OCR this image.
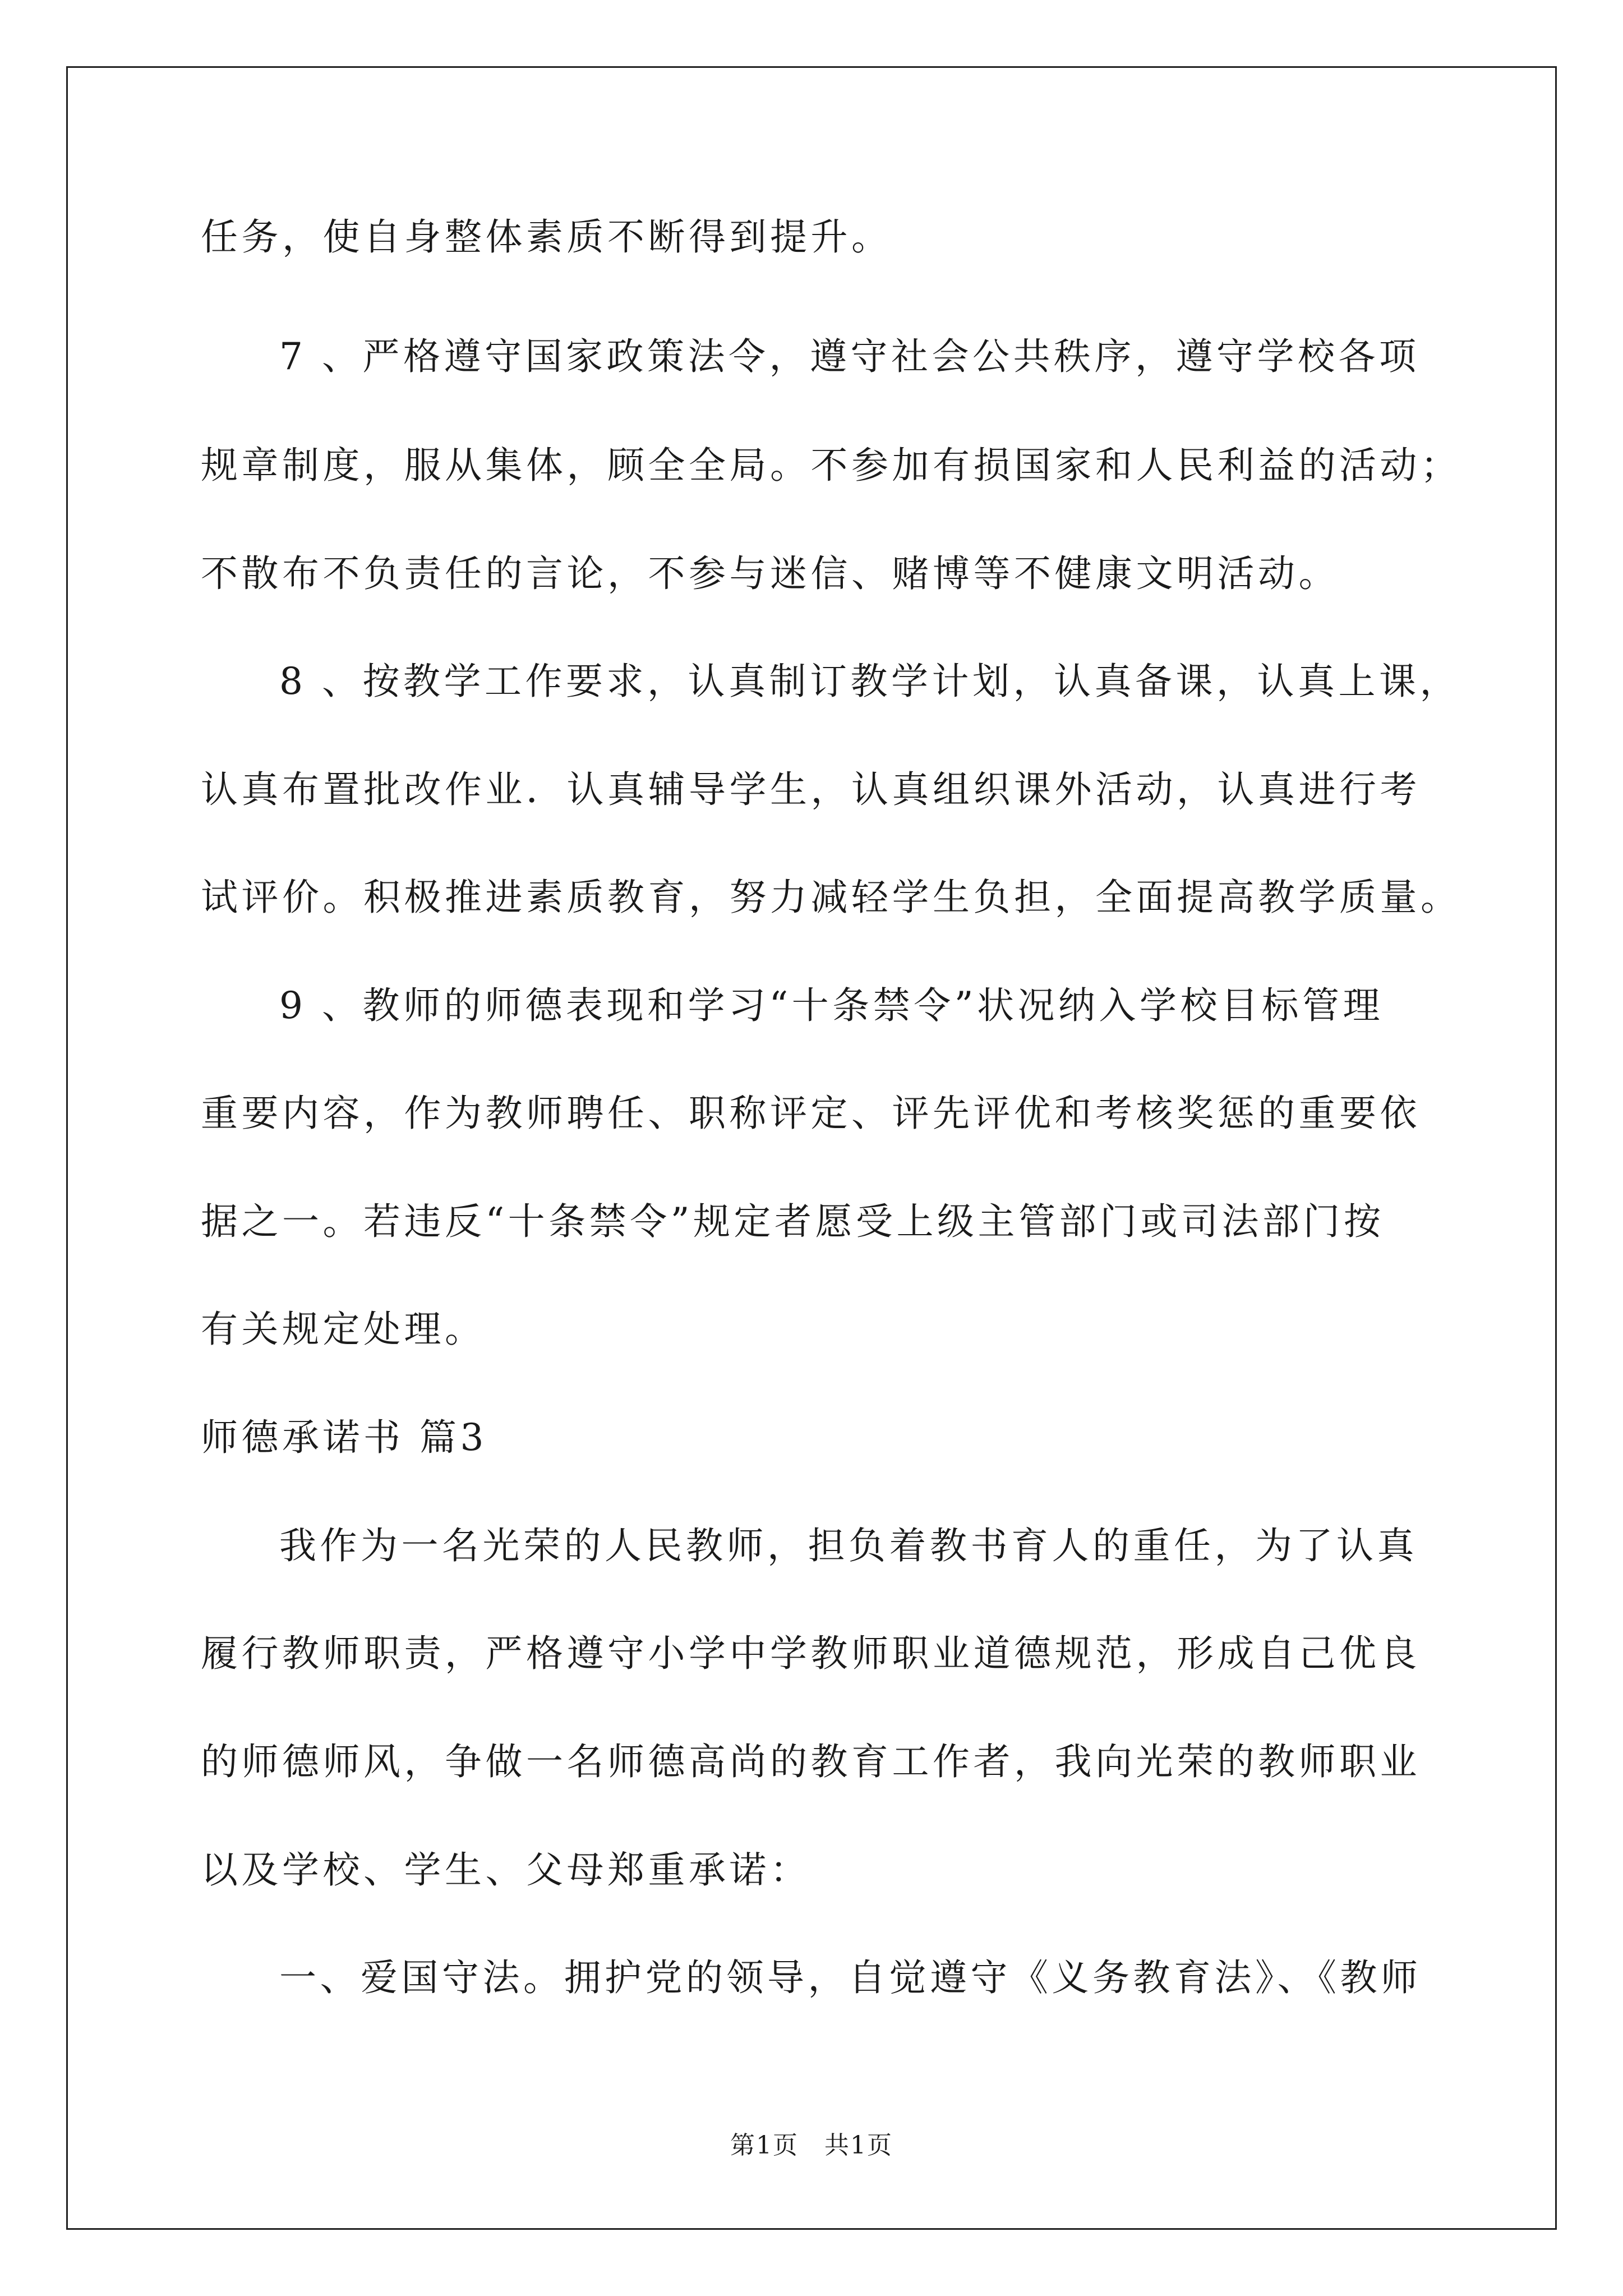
任务，使自身整体素质不断得到提升。
7 、严格遵守国家政策法令，遵守社会公共秩序，遵守学校各项
规章制度，服从集体，顾全全局。不参加有损国家和人民利益的活动；
不散布不负责任的言论，不参与迷信、赌博等不健康文明活动。
8 、按教学工作要求，认真制订教学计划，认真备课，认真上课，
认真布置批改作业．认真辅导学生，认真组织课外活动，认真进行考
试评价。积极推进素质教育，努力减轻学生负担，全面提高教学质量。
9 、教师的师德表现和学习“十条禁令”状况纳入学校目标管理
重要内容，作为教师聘任、职称评定、评先评优和考核奖惩的重要依
据之一。若违反“十条禁令”规定者愿受上级主管部门或司法部门按
有关规定处理。
师德承诺书 篇3
我作为一名光荣的人民教师，担负着教书育人的重任，为了认真
履行教师职责，严格遵守小学中学教师职业道德规范，形成自己优良
的师德师风，争做一名师德高尚的教育工作者，我向光荣的教师职业
以及学校、学生、父母郑重承诺：
一、爱国守法。拥护党的领导，自觉遵守《义务教育法》、《教师
第1页　共1页
